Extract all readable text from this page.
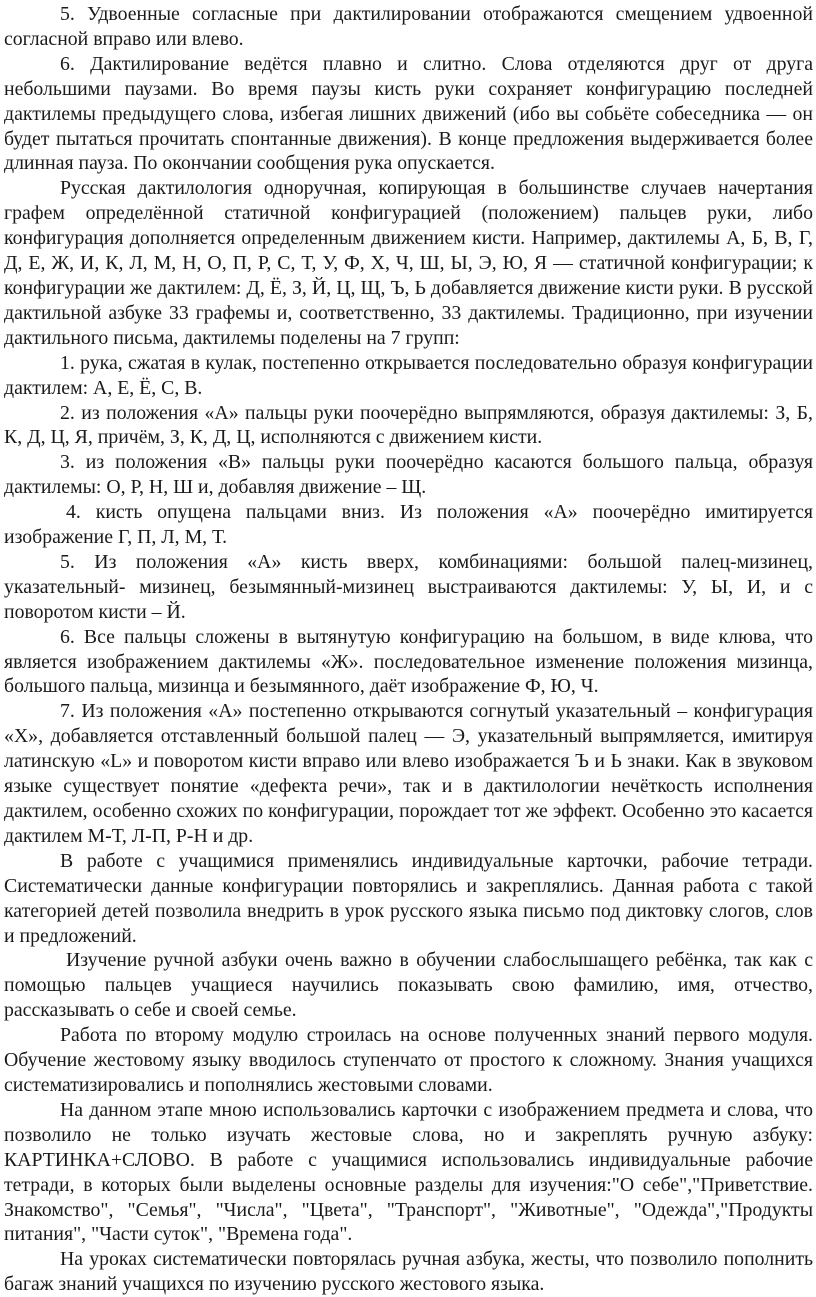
5. Удвоенные согласные при дактилировании отображаются смещением удвоенной согласной вправо или влево.

6. Дактилирование ведётся плавно и слитно. Слова отделяются друг от друга небольшими паузами. Во время паузы кисть руки сохраняет конфигурацию последней дактилемы предыдущего слова, избегая лишних движений (ибо вы собьёте собеседника — он будет пытаться прочитать спонтанные движения). В конце предложения выдерживается более длинная пауза. По окончании сообщения рука опускается.

Русская дактилология одноручная, копирующая в большинстве случаев начертания графем определённой статичной конфигурацией (положением) пальцев руки, либо конфигурация дополняется определенным движением кисти. Например, дактилемы А, Б, В, Г, Д, Е, Ж, И, К, Л, М, Н, О, П, Р, С, Т, У, Ф, Х, Ч, Ш, Ы, Э, Ю, Я — статичной конфигурации; к конфигурации же дактилем: Д, Ё, З, Й, Ц, Щ, Ъ, Ь добавляется движение кисти руки. В русской дактильной азбуке 33 графемы и, соответственно, 33 дактилемы. Традиционно, при изучении дактильного письма, дактилемы поделены на 7 групп:

1. рука, сжатая в кулак, постепенно открывается последовательно образуя конфигурации дактилем: А, Е, Ё, С, В.

2. из положения «А» пальцы руки поочерёдно выпрямляются, образуя дактилемы: З, Б, К, Д, Ц, Я, причём, З, К, Д, Ц, исполняются с движением кисти.

3. из положения «В» пальцы руки поочерёдно касаются большого пальца, образуя дактилемы: О, Р, Н, Ш и, добавляя движение – Щ.

4. кисть опущена пальцами вниз. Из положения «А» поочерёдно имитируется изображение Г, П, Л, М, Т.

5. Из положения «А» кисть вверх, комбинациями: большой палец-мизинец, указательный- мизинец, безымянный-мизинец выстраиваются дактилемы: У, Ы, И, и с поворотом кисти – Й.

6. Все пальцы сложены в вытянутую конфигурацию на большом, в виде клюва, что является изображением дактилемы «Ж». последовательное изменение положения мизинца, большого пальца, мизинца и безымянного, даёт изображение Ф, Ю, Ч.

7. Из положения «А» постепенно открываются согнутый указательный – конфигурация «Х», добавляется отставленный большой палец — Э, указательный выпрямляется, имитируя латинскую «L» и поворотом кисти вправо или влево изображается Ъ и Ь знаки. Как в звуковом языке существует понятие «дефекта речи», так и в дактилологии нечёткость исполнения дактилем, особенно схожих по конфигурации, порождает тот же эффект. Особенно это касается дактилем М-Т, Л-П, Р-Н и др.

В работе с учащимися применялись индивидуальные карточки, рабочие тетради. Систематически данные конфигурации повторялись и закреплялись. Данная работа с такой категорией детей позволила внедрить в урок русского языка письмо под диктовку слогов, слов и предложений.

Изучение ручной азбуки очень важно в обучении слабослышащего ребёнка, так как с помощью пальцев учащиеся научились показывать свою фамилию, имя, отчество, рассказывать о себе и своей семье.

Работа по второму модулю строилась на основе полученных знаний первого модуля. Обучение жестовому языку вводилось ступенчато от простого к сложному. Знания учащихся систематизировались и пополнялись жестовыми словами.

На данном этапе мною использовались карточки с изображением предмета и слова, что позволило не только изучать жестовые слова, но и закреплять ручную азбуку: КАРТИНКА+СЛОВО. В работе с учащимися использовались индивидуальные рабочие тетради, в которых были выделены основные разделы для изучения:"О себе","Приветствие. Знакомство", "Семья", "Числа", "Цвета", "Транспорт", "Животные", "Одежда","Продукты питания", "Части суток", "Времена года".

На уроках систематически повторялась ручная азбука, жесты, что позволило пополнить багаж знаний учащихся по изучению русского жестового языка.
